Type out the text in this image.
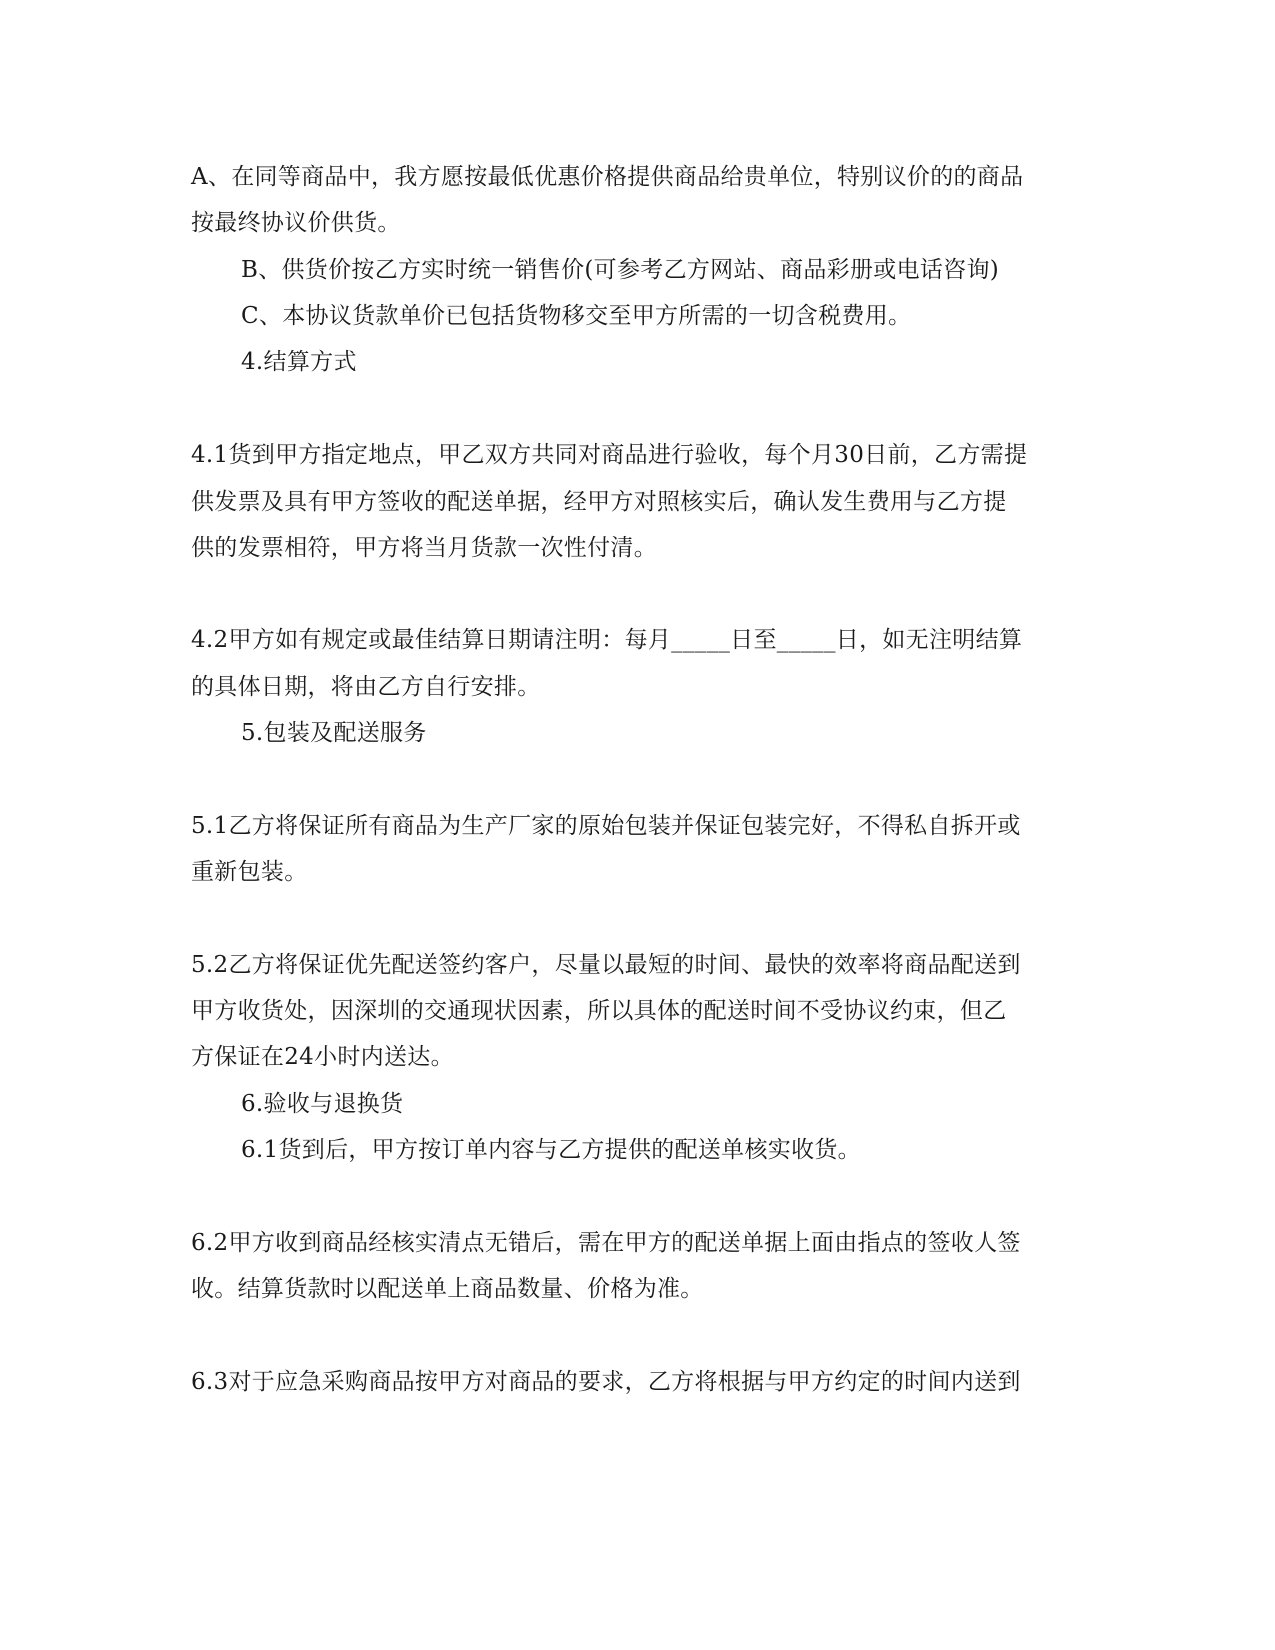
A、在同等商品中，我方愿按最低优惠价格提供商品给贵单位，特别议价的的商品
按最终协议价供货。
B、供货价按乙方实时统一销售价(可参考乙方网站、商品彩册或电话咨询)
C、本协议货款单价已包括货物移交至甲方所需的一切含税费用。
4.结算方式
4.1货到甲方指定地点，甲乙双方共同对商品进行验收，每个月30日前，乙方需提
供发票及具有甲方签收的配送单据，经甲方对照核实后，确认发生费用与乙方提
供的发票相符，甲方将当月货款一次性付清。
4.2甲方如有规定或最佳结算日期请注明：每月_____日至_____日，如无注明结算
的具体日期，将由乙方自行安排。
5.包装及配送服务
5.1乙方将保证所有商品为生产厂家的原始包装并保证包装完好，不得私自拆开或
重新包装。
5.2乙方将保证优先配送签约客户，尽量以最短的时间、最快的效率将商品配送到
甲方收货处，因深圳的交通现状因素，所以具体的配送时间不受协议约束，但乙
方保证在24小时内送达。
6.验收与退换货
6.1货到后，甲方按订单内容与乙方提供的配送单核实收货。
6.2甲方收到商品经核实清点无错后，需在甲方的配送单据上面由指点的签收人签
收。结算货款时以配送单上商品数量、价格为准。
6.3对于应急采购商品按甲方对商品的要求，乙方将根据与甲方约定的时间内送到
